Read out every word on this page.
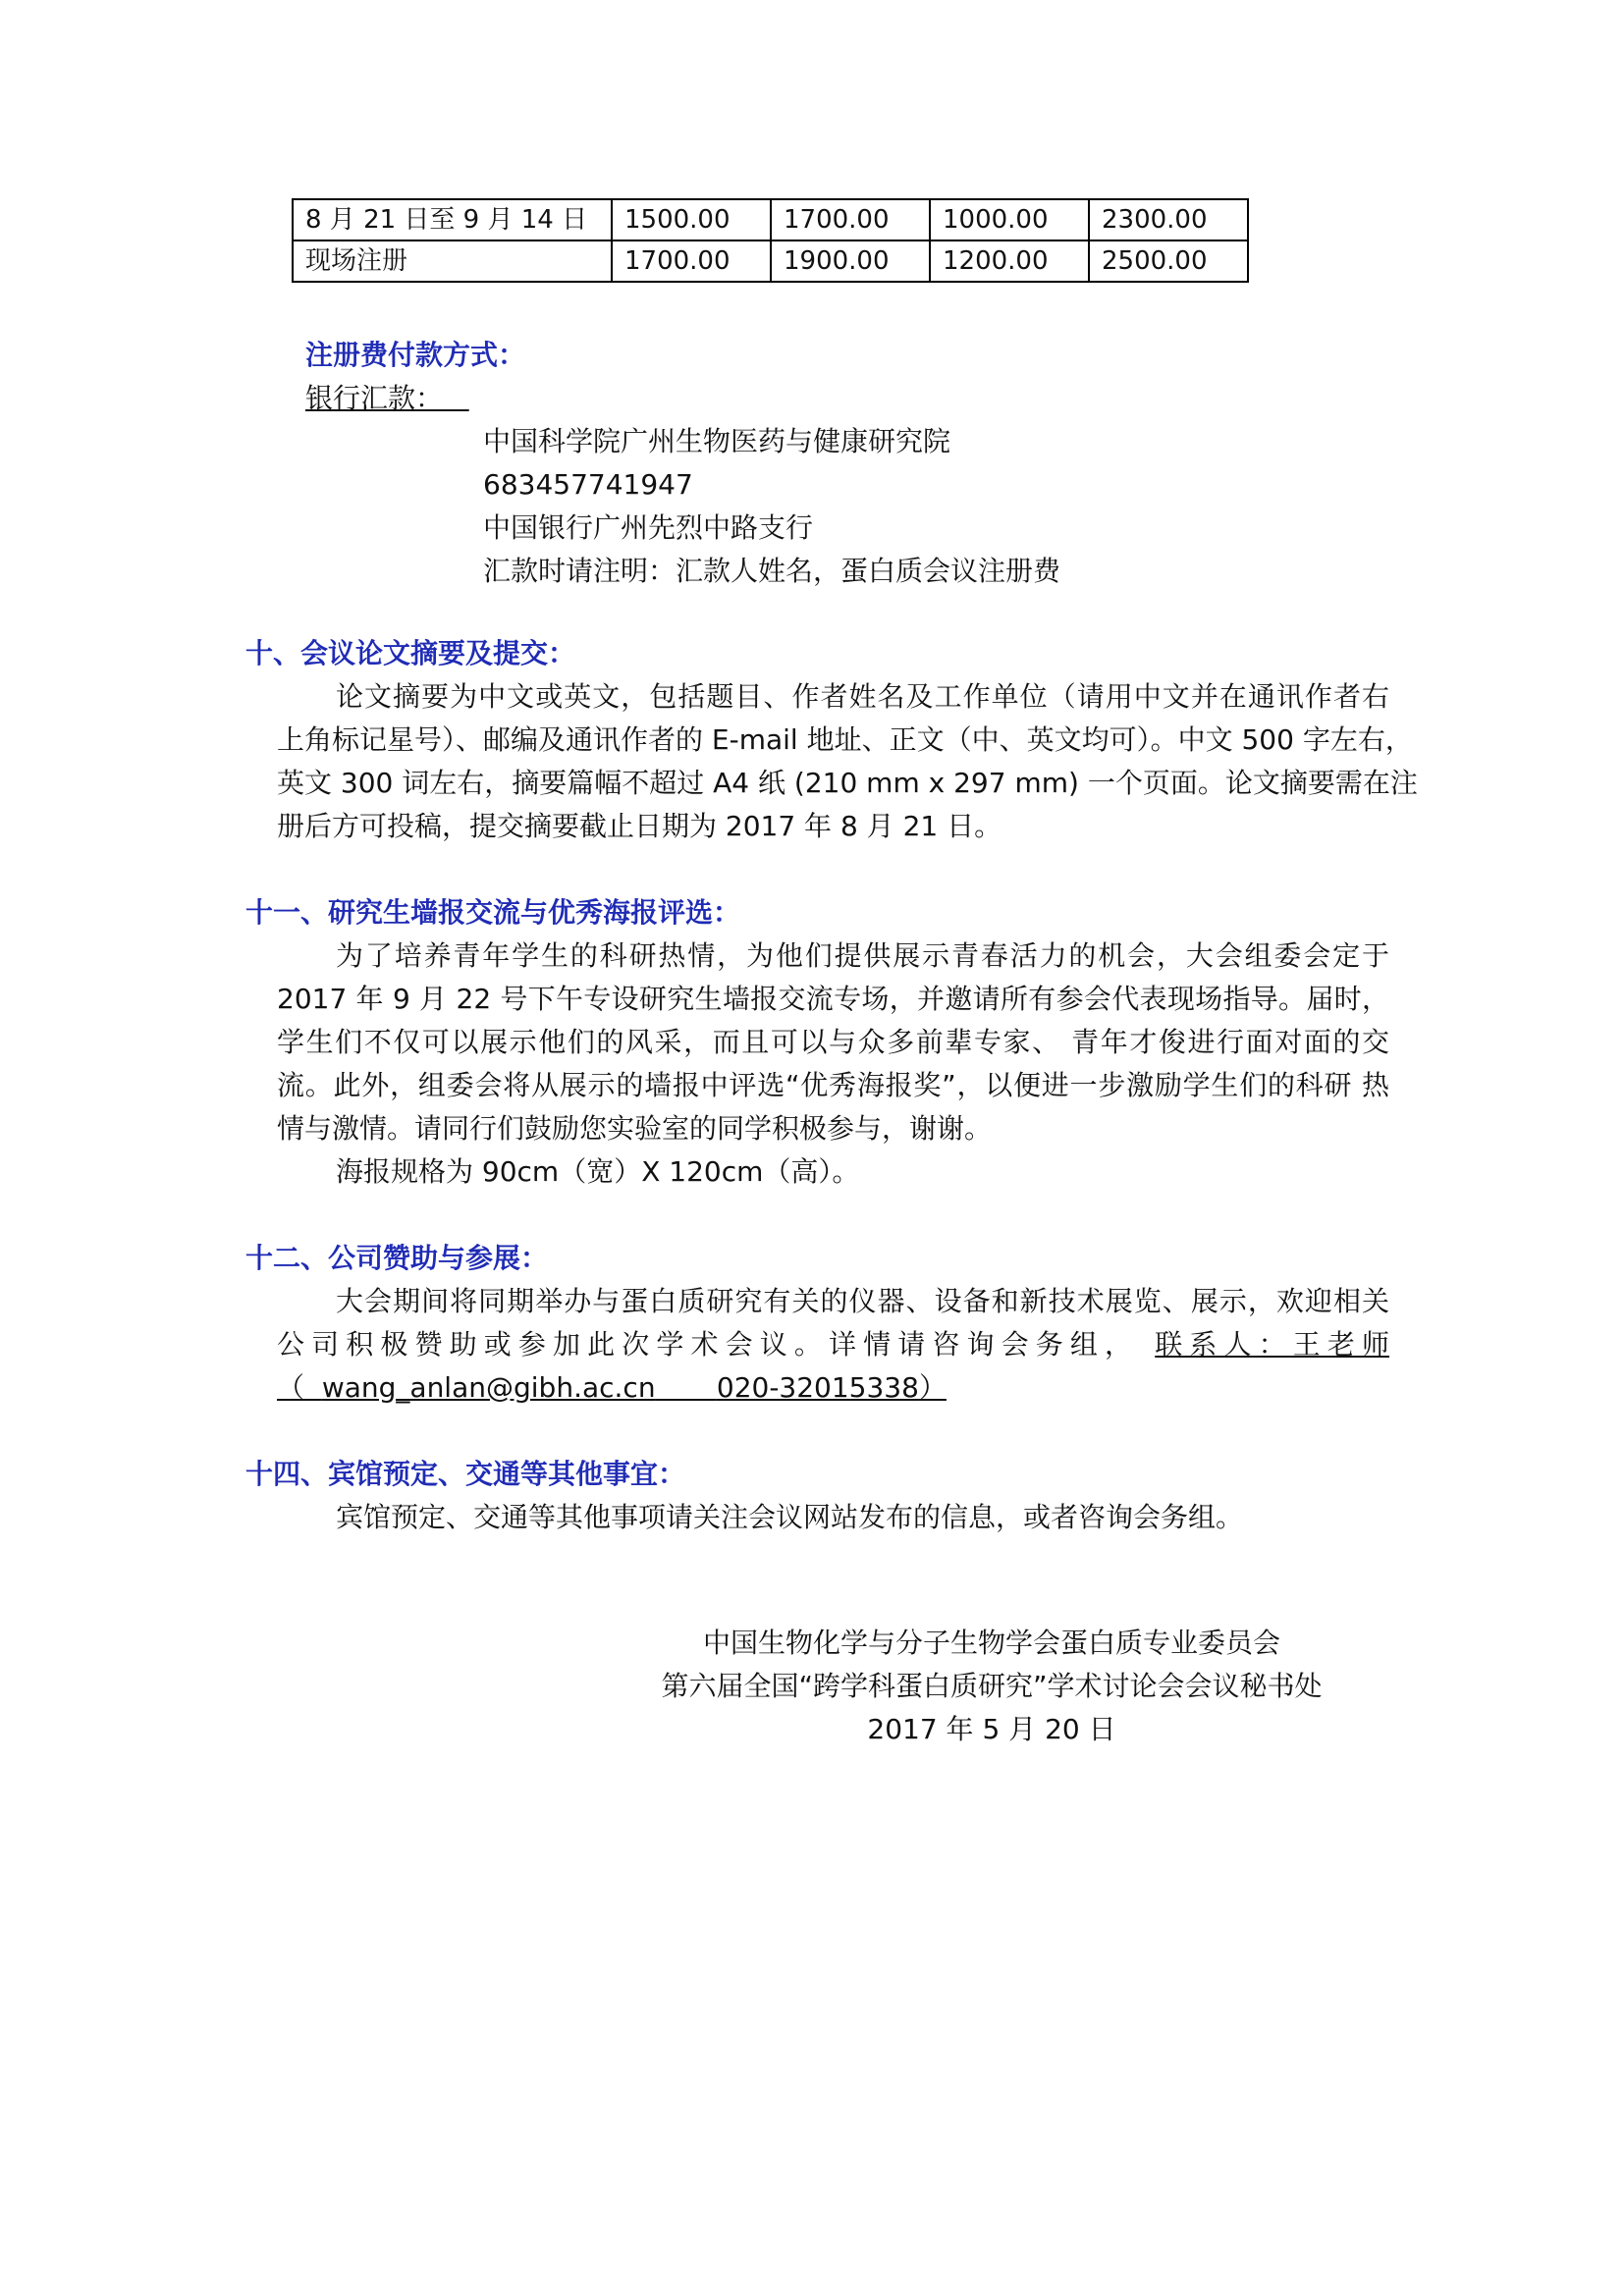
8 月 21 日至 9 月 14 日	1500.00	1700.00	1000.00	2300.00
现场注册	1700.00	1900.00	1200.00	2500.00
注册费付款方式：
银行汇款：
中国科学院广州生物医药与健康研究院
683457741947
中国银行广州先烈中路支行
汇款时请注明：汇款人姓名，蛋白质会议注册费
十、会议论文摘要及提交：
论文摘要为中文或英文，包括题目、作者姓名及工作单位（请用中文并在通讯作者右
上角标记星号）、邮编及通讯作者的 E-mail 地址、正文（中、英文均可）。中文 500 字左右，
英文 300 词左右，摘要篇幅不超过 A4 纸 (210 mm x 297 mm) 一个页面。论文摘要需在注
册后方可投稿，提交摘要截止日期为 2017 年 8 月 21 日。
十一、研究生墙报交流与优秀海报评选：
为了培养青年学生的科研热情，为他们提供展示青春活力的机会，大会组委会定于
2017 年 9 月 22 号下午专设研究生墙报交流专场，并邀请所有参会代表现场指导。届时，
学生们不仅可以展示他们的风采，而且可以与众多前辈专家、 青年才俊进行面对面的交
流。此外，组委会将从展示的墙报中评选“优秀海报奖”，以便进一步激励学生们的科研 热
情与激情。请同行们鼓励您实验室的同学积极参与，谢谢。
海报规格为 90cm（宽）X 120cm（高）。
十二、公司赞助与参展：
大会期间将同期举办与蛋白质研究有关的仪器、设备和新技术展览、展示，欢迎相关
公司积极赞助或参加此次学术会议。详情请咨询会务组， 联系人：王老师
（ wang_anlan@gibh.ac.cn 020-32015338）
十四、宾馆预定、交通等其他事宜：
宾馆预定、交通等其他事项请关注会议网站发布的信息，或者咨询会务组。
中国生物化学与分子生物学会蛋白质专业委员会
第六届全国“跨学科蛋白质研究”学术讨论会会议秘书处
2017 年 5 月 20 日
